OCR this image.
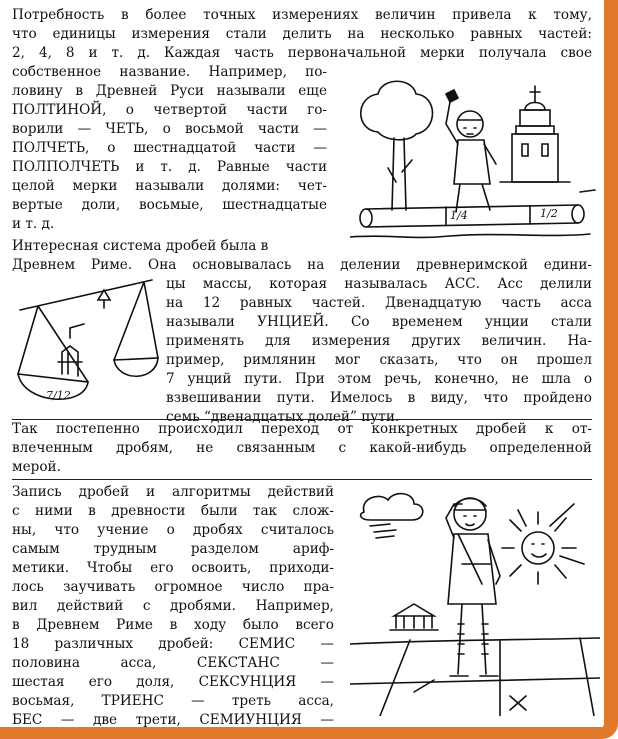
Потребность в более точных измерениях величин привела к тому,
что единицы измерения стали делить на несколько равных частей:
2, 4, 8 и т. д. Каждая часть первоначальной мерки получала свое
собственное название. Например, по-
ловину в Древней Руси называли еще
ПОЛТИНОЙ, о четвертой части го-
ворили — ЧЕТЬ, о восьмой части —
ПОЛЧЕТЬ, о шестнадцатой части —
ПОЛПОЛЧЕТЬ и т. д. Равные части
целой мерки называли долями: чет-
вертые доли, восьмые, шестнадцатые
и т. д.
1/4	1/2
Интересная система дробей была в
Древнем Риме. Она основывалась на делении древнеримской едини-
цы массы, которая называлась АСС. Асс делили
на 12 равных частей. Двенадцатую часть асса
называли УНЦИЕЙ. Со временем унции стали
применять для измерения других величин. На-
пример, римлянин мог сказать, что он прошел
7 унций пути. При этом речь, конечно, не шла о
взвешивании пути. Имелось в виду, что пройдено
семь “двенадцатых долей” пути.
7/12
Так постепенно происходил переход от конкретных дробей к от-
влеченным дробям, не связанным с какой-нибудь определенной
мерой.
Запись дробей и алгоритмы действий
с ними в древности были так слож-
ны, что учение о дробях считалось
самым трудным разделом ариф-
метики. Чтобы его освоить, приходи-
лось заучивать огромное число пра-
вил действий с дробями. Например,
в Древнем Риме в ходу было всего
18 различных дробей: СЕМИС —
половина асса, СЕКСТАНС —
шестая его доля, СЕКСУНЦИЯ —
восьмая, ТРИЕНС — треть асса,
БЕС — две трети, СЕМИУНЦИЯ —
